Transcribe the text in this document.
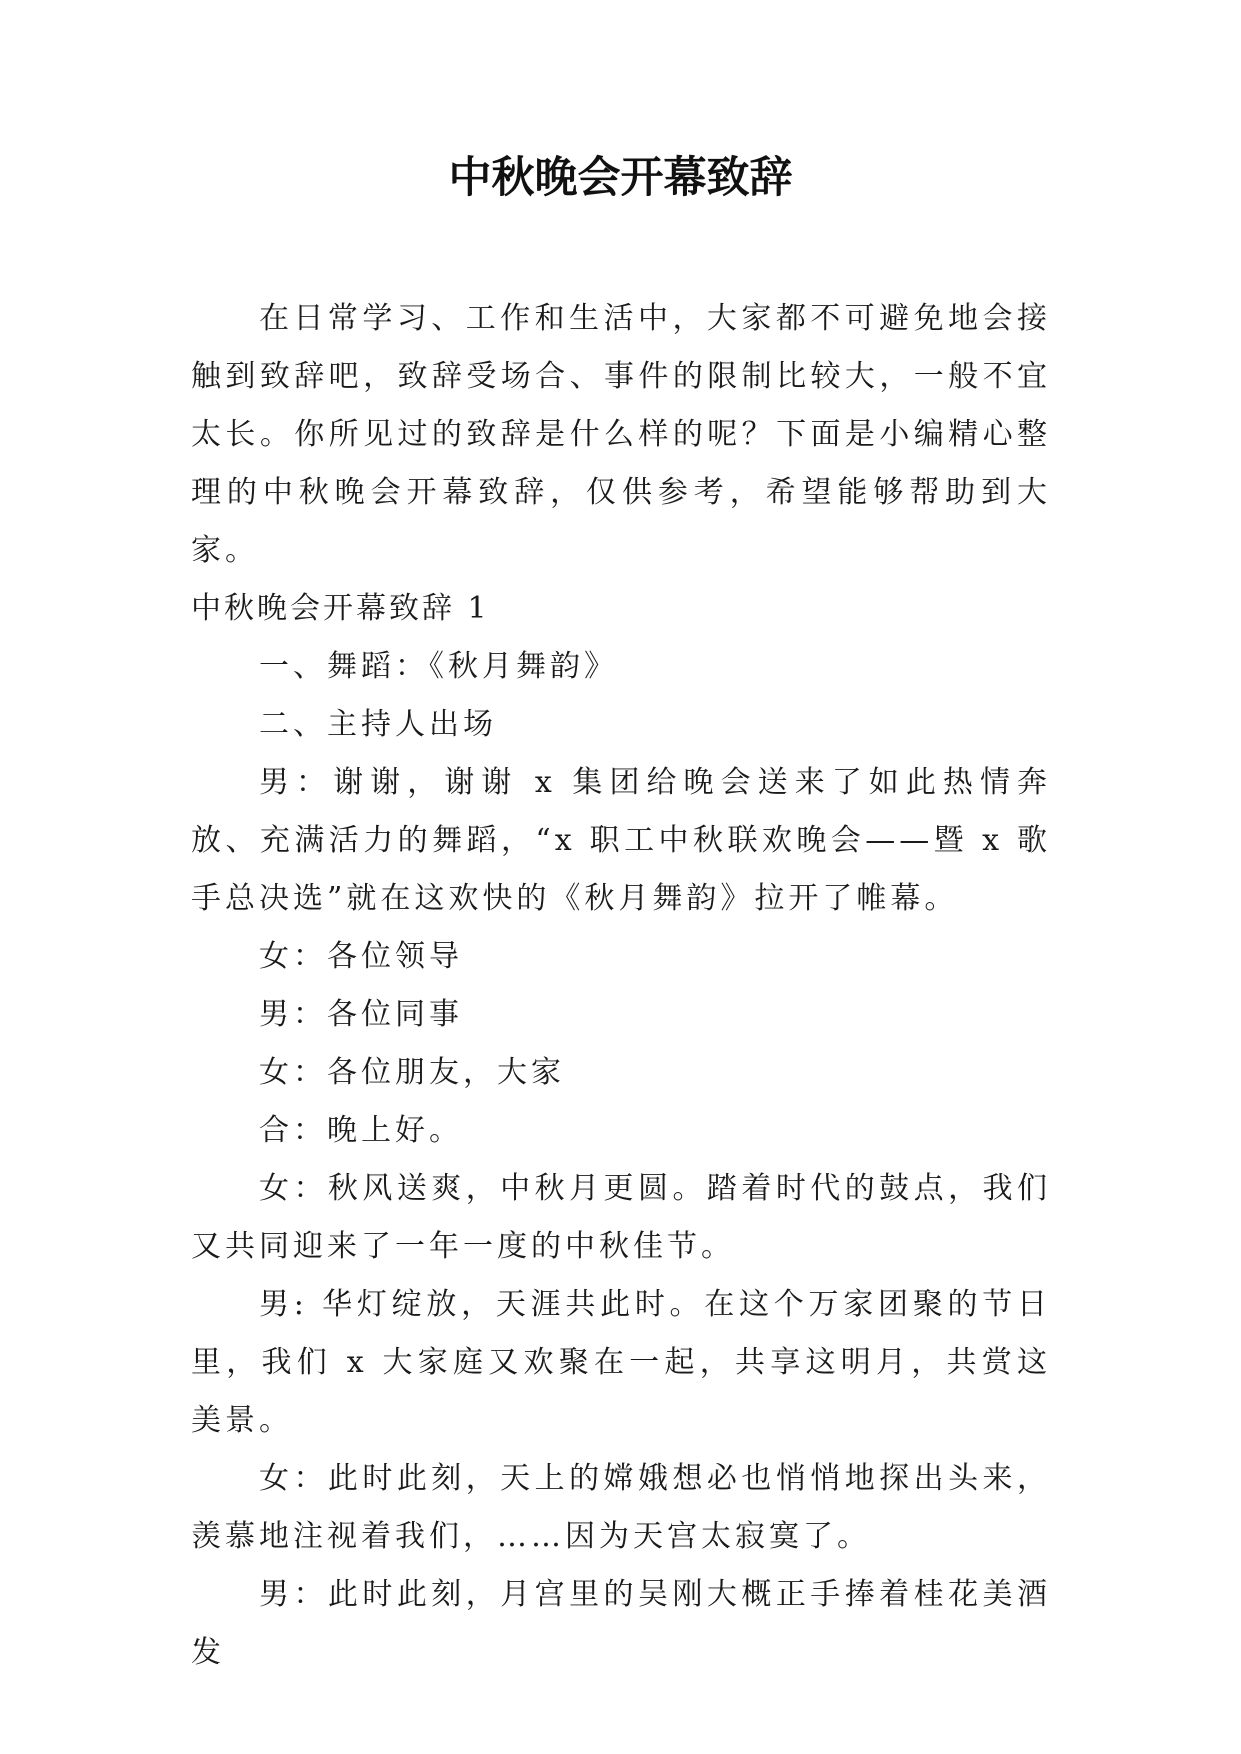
中秋晚会开幕致辞

在日常学习、工作和生活中，大家都不可避免地会接触到致辞吧，致辞受场合、事件的限制比较大，一般不宜太长。你所见过的致辞是什么样的呢？下面是小编精心整理的中秋晚会开幕致辞，仅供参考，希望能够帮助到大家。

中秋晚会开幕致辞 1

一、舞蹈：《秋月舞韵》

二、主持人出场

男：谢谢，谢谢 x 集团给晚会送来了如此热情奔放、充满活力的舞蹈，“x 职工中秋联欢晚会——暨 x 歌手总决选”就在这欢快的《秋月舞韵》拉开了帷幕。

女：各位领导

男：各位同事

女：各位朋友，大家

合：晚上好。

女：秋风送爽，中秋月更圆。踏着时代的鼓点，我们又共同迎来了一年一度的中秋佳节。

男: 华灯绽放，天涯共此时。在这个万家团聚的节日里，我们 x 大家庭又欢聚在一起，共享这明月，共赏这美景。

女：此时此刻，天上的嫦娥想必也悄悄地探出头来，羡慕地注视着我们，……因为天宫太寂寞了。

男：此时此刻，月宫里的吴刚大概正手捧着桂花美酒发
